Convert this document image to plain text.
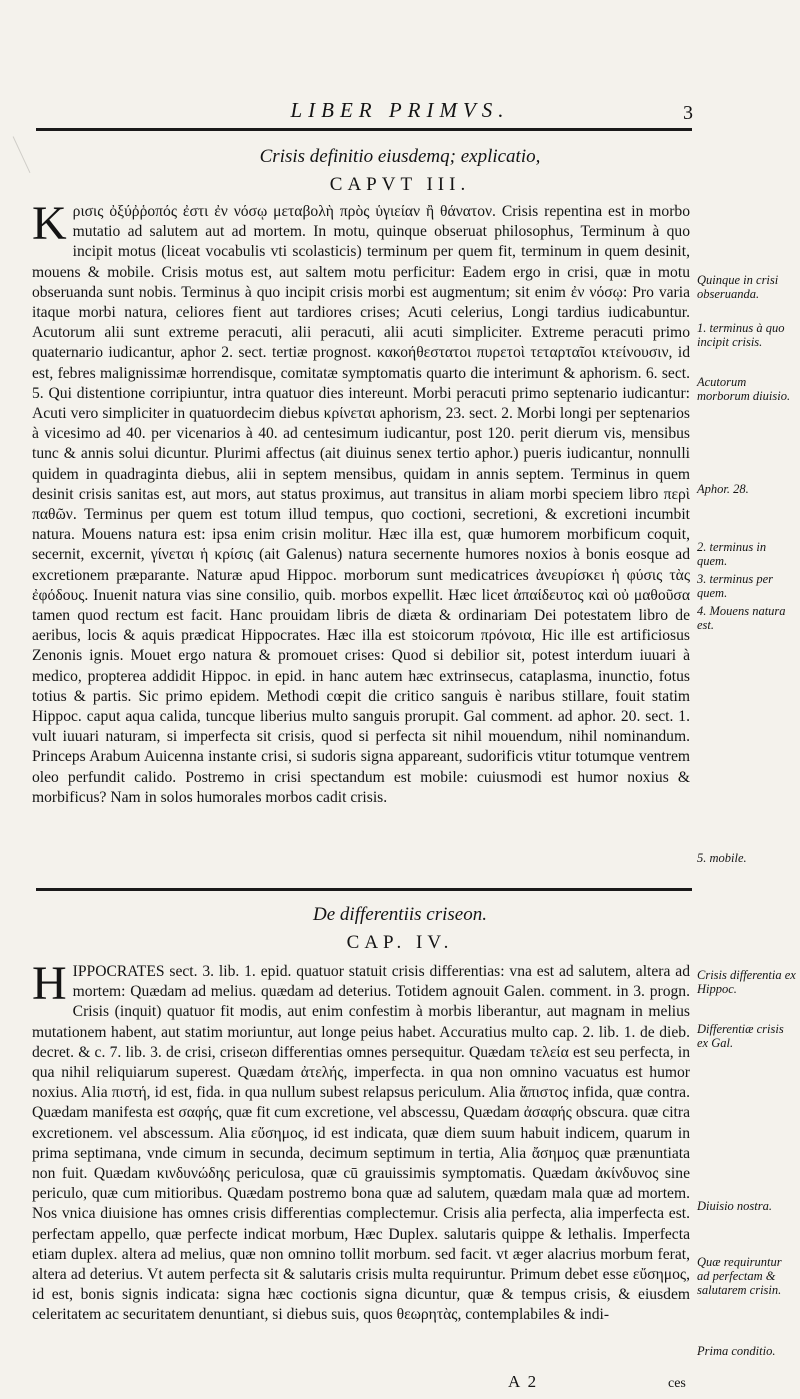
LIBER PRIMVS.	3
Crisis definitio eiusdemq; explicatio,
CAPVT III.
K ρισις ὀξύῤῥοπός ἐστι ἐν νόσῳ μεταβολὴ πρὸς ὑγιείαν ἢ θάνατον. Crisis repentina est in morbo mutatio ad salutem aut ad mortem. In motu, quinque obseruat philosophus, Terminum à quo incipit motus (liceat vocabulis vti scolasticis) terminum per quem fit, terminum in quem desinit, mouens & mobile. Crisis motus est, aut saltem motu perficitur: Eadem ergo in crisi, quæ in motu obseruanda sunt nobis. Terminus à quo incipit crisis morbi est augmentum; sit enim ἐν νόσῳ: Pro varia itaque morbi natura, celiores fient aut tardiores crises; Acuti celerius, Longi tardius iudicabuntur. Acutorum alii sunt extreme peracuti, alii peracuti, alii acuti simpliciter. Extreme peracuti primo quaternario iudicantur, aphor 2. sect. tertiæ prognost. κακοήθεστατοι πυρετοὶ τεταρταῖοι κτείνουσιν, id est, febres malignissimæ horrendisque, comitatæ symptomatis quarto die interimunt & aphorism. 6. sect. 5. Qui distentione corripiuntur, intra quatuor dies intereunt. Morbi peracuti primo septenario iudicantur: Acuti vero simpliciter in quatuordecim diebus κρίνεται aphorism, 23. sect. 2. Morbi longi per septenarios à vicesimo ad 40. per vicenarios à 40. ad centesimum iudicantur, post 120. perit dierum vis, mensibus tunc & annis solui dicuntur. Plurimi affectus (ait diuinus senex tertio aphor.) pueris iudicantur, nonnulli quidem in quadraginta diebus, alii in septem mensibus, quidam in annis septem. Terminus in quem desinit crisis sanitas est, aut mors, aut status proximus, aut transitus in aliam morbi speciem libro περὶ παθῶν. Terminus per quem est totum illud tempus, quo coctioni, secretioni, & excretioni incumbit natura. Mouens natura est: ipsa enim crisin molitur. Hæc illa est, quæ humorem morbificum coquit, secernit, excernit, γίνεται ἡ κρίσις (ait Galenus) natura secernente humores noxios à bonis eosque ad excretionem præparante. Naturæ apud Hippoc. morborum sunt medicatrices ἀνευρίσκει ἡ φύσις τὰς ἐφόδους. Inuenit natura vias sine consilio, quib. morbos expellit. Hæc licet ἀπαίδευτος καὶ οὐ μαθοῦσα tamen quod rectum est facit. Hanc prouidam libris de diæta & ordinariam Dei potestatem libro de aeribus, locis & aquis prædicat Hippocrates. Hæc illa est stoicorum πρόνοια, Hic ille est artificiosus Zenonis ignis. Mouet ergo natura & promouet crises: Quod si debilior sit, potest interdum iuuari à medico, propterea addidit Hippoc. in epid. in hanc autem hæc extrinsecus, cataplasma, inunctio, fotus totius & partis. Sic primo epidem. Methodi cœpit die critico sanguis è naribus stillare, fouit statim Hippoc. caput aqua calida, tuncque liberius multo sanguis prorupit. Gal comment. ad aphor. 20. sect. 1. vult iuuari naturam, si imperfecta sit crisis, quod si perfecta sit nihil mouendum, nihil nominandum. Princeps Arabum Auicenna instante crisi, si sudoris signa appareant, sudorificis vtitur totumque ventrem oleo perfundit calido. Postremo in crisi spectandum est mobile: cuiusmodi est humor noxius & morbificus? Nam in solos humorales morbos cadit crisis.

De differentiis criseon.
CAP. IV.
H IPPOCRATES sect. 3. lib. 1. epid. quatuor statuit crisis differentias: vna est ad salutem, altera ad mortem: Quædam ad melius. quædam ad deterius. Totidem agnouit Galen. comment. in 3. progn. Crisis (inquit) quatuor fit modis, aut enim confestim à morbis liberantur, aut magnam in melius mutationem habent, aut statim moriuntur, aut longe peius habet. Accuratius multo cap. 2. lib. 1. de dieb. decret. & c. 7. lib. 3. de crisi, criseωn differentias omnes persequitur. Quædam τελεία est seu perfecta, in qua nihil reliquiarum superest. Quædam ἀτελής, imperfecta. in qua non omnino vacuatus est humor noxius. Alia πιστή, id est, fida. in qua nullum subest relapsus periculum. Alia ἄπιστος infida, quæ contra. Quædam manifesta est σαφής, quæ fit cum excretione, vel abscessu, Quædam ἀσαφής obscura. quæ citra excretionem. vel abscessum. Alia εὔσημος, id est indicata, quæ diem suum habuit indicem, quarum in prima septimana, vnde cimum in secunda, decimum septimum in tertia, Alia ἄσημος quæ prænuntiata non fuit. Quædam κινδυνώδης periculosa, quæ cū grauissimis symptomatis. Quædam ἀκίνδυνος sine periculo, quæ cum mitioribus. Quædam postremo bona quæ ad salutem, quædam mala quæ ad mortem. Nos vnica diuisione has omnes crisis differentias complectemur. Crisis alia perfecta, alia imperfecta est. perfectam appello, quæ perfecte indicat morbum, Hæc Duplex. salutaris quippe & lethalis. Imperfecta etiam duplex. altera ad melius, quæ non omnino tollit morbum. sed facit. vt æger alacrius morbum ferat, altera ad deterius. Vt autem perfecta sit & salutaris crisis multa requiruntur. Primum debet esse εὔσημος, id est, bonis signis indicata: signa hæc coctionis signa dicuntur, quæ & tempus crisis, & eiusdem celeritatem ac securitatem denuntiant, si diebus suis, quos θεωρητὰς, contemplabiles & indi-

Quinque in crisi obseruanda.
1. terminus à quo incipit crisis.
Acutorum morborum diuisio.
Aphor. 28.
2. terminus in quem.
3. terminus per quem.
4. Mouens natura est.
5. mobile.
Crisis differentia ex Hippoc.
Differentiæ crisis ex Gal.
Diuisio nostra.
Quæ requiruntur ad perfectam & salutarem crisin.
Prima conditio.
A 2	ces
